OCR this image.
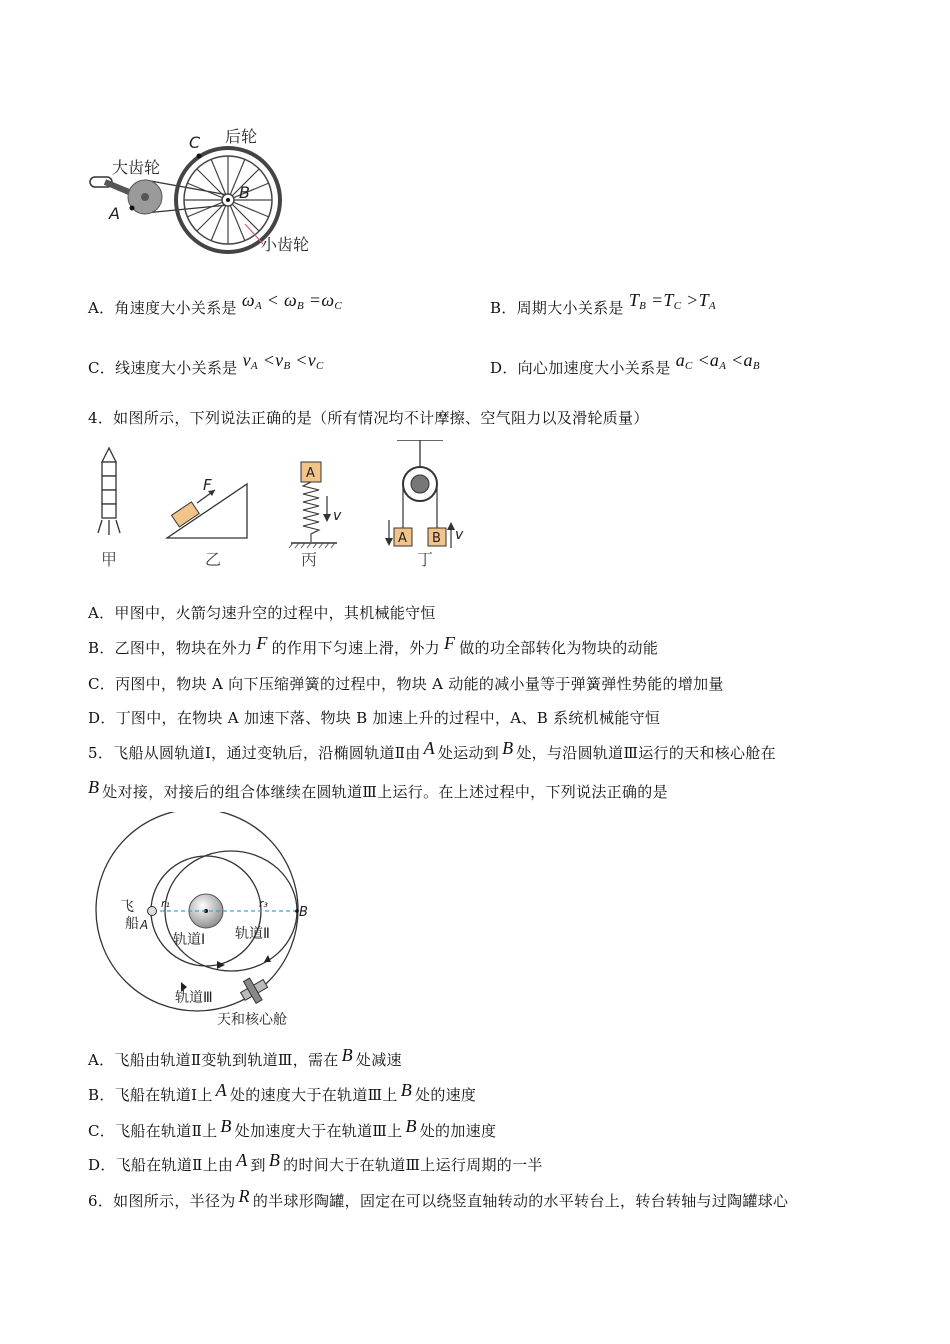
C 后轮
大齿轮
A
B
小齿轮
A．角速度大小关系是 $\omega_A < \omega_B =\omega_C$	B．周期大小关系是 $T_B =T_C >T_A$
C．线速度大小关系是 $v_A <v_B <v_C$	D．向心加速度大小关系是 $a_C <a_A <a_B$
4．如图所示，下列说法正确的是（所有情况均不计摩擦、空气阻力以及滑轮质量）
F
A
v
A B v
甲	乙	丙	丁
A．甲图中，火箭匀速升空的过程中，其机械能守恒
B．乙图中，物块在外力 F 的作用下匀速上滑，外力 F 做的功全部转化为物块的动能
C．丙图中，物块 A 向下压缩弹簧的过程中，物块 A 动能的减小量等于弹簧弹性势能的增加量
D．丁图中，在物块 A 加速下落、物块 B 加速上升的过程中，A、B 系统机械能守恒
5．飞船从圆轨道Ⅰ，通过变轨后，沿椭圆轨道Ⅱ由 A 处运动到 B 处，与沿圆轨道Ⅲ运行的天和核心舱在
B 处对接，对接后的组合体继续在圆轨道Ⅲ上运行。在上述过程中，下列说法正确的是
飞
船 A
B
r₁	r₃
轨道Ⅰ 轨道Ⅱ
轨道Ⅲ
天和核心舱
A．飞船由轨道Ⅱ变轨到轨道Ⅲ，需在 B 处减速
B．飞船在轨道Ⅰ上 A 处的速度大于在轨道Ⅲ上 B 处的速度
C．飞船在轨道Ⅱ上 B 处加速度大于在轨道Ⅲ上 B 处的加速度
D．飞船在轨道Ⅱ上由 A 到 B 的时间大于在轨道Ⅲ上运行周期的一半
6．如图所示，半径为 R 的半球形陶罐，固定在可以绕竖直轴转动的水平转台上，转台转轴与过陶罐球心
